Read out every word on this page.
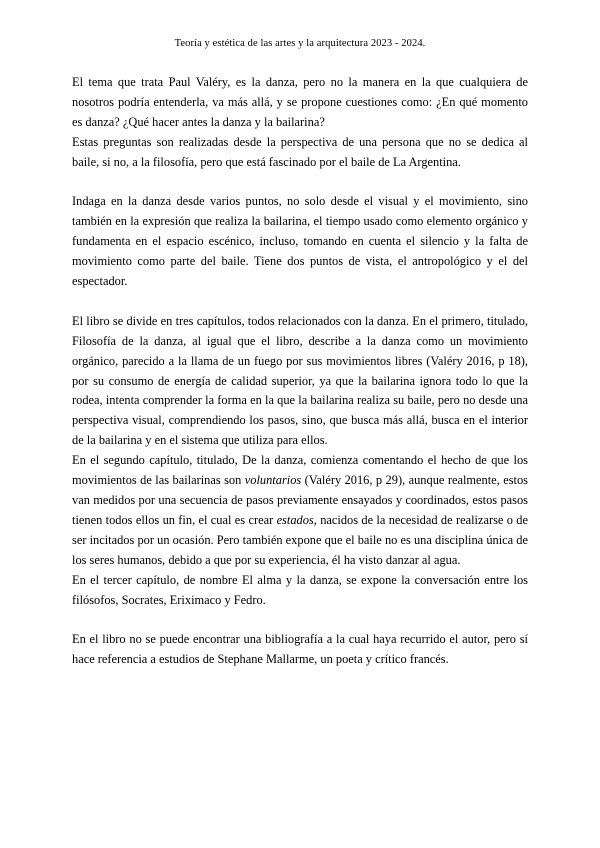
Teoría y estética de las artes y la arquitectura 2023 - 2024.

El tema que trata Paul Valéry, es la danza, pero no la manera en la que cualquiera de nosotros podría entenderla, va más allá, y se propone cuestiones como: ¿En qué momento es danza? ¿Qué hacer antes la danza y la bailarina?

Estas preguntas son realizadas desde la perspectiva de una persona que no se dedica al baile, si no, a la filosofía, pero que está fascinado por el baile de La Argentina.

Indaga en la danza desde varios puntos, no solo desde el visual y el movimiento, sino también en la expresión que realiza la bailarina, el tiempo usado como elemento orgánico y fundamenta en el espacio escénico, incluso, tomando en cuenta el silencio y la falta de movimiento como parte del baile. Tiene dos puntos de vista, el antropológico y el del espectador.

El libro se divide en tres capítulos, todos relacionados con la danza. En el primero, titulado, Filosofía de la danza, al igual que el libro, describe a la danza como un movimiento orgánico, parecido a la llama de un fuego por sus movimientos libres (Valéry 2016, p 18), por su consumo de energía de calidad superior, ya que la bailarina ignora todo lo que la rodea, intenta comprender la forma en la que la bailarina realiza su baile, pero no desde una perspectiva visual, comprendiendo los pasos, sino, que busca más allá, busca en el interior de la bailarina y en el sistema que utiliza para ellos.

En el segundo capítulo, titulado, De la danza, comienza comentando el hecho de que los movimientos de las bailarinas son voluntarios (Valéry 2016, p 29), aunque realmente, estos van medidos por una secuencia de pasos previamente ensayados y coordinados, estos pasos tienen todos ellos un fin, el cual es crear estados, nacidos de la necesidad de realizarse o de ser incitados por un ocasión. Pero también expone que el baile no es una disciplina única de los seres humanos, debido a que por su experiencia, él ha visto danzar al agua.

En el tercer capítulo, de nombre El alma y la danza, se expone la conversación entre los filósofos, Socrates, Eriximaco y Fedro.

En el libro no se puede encontrar una bibliografía a la cual haya recurrido el autor, pero sí hace referencia a estudios de Stephane Mallarme, un poeta y crítico francés.
